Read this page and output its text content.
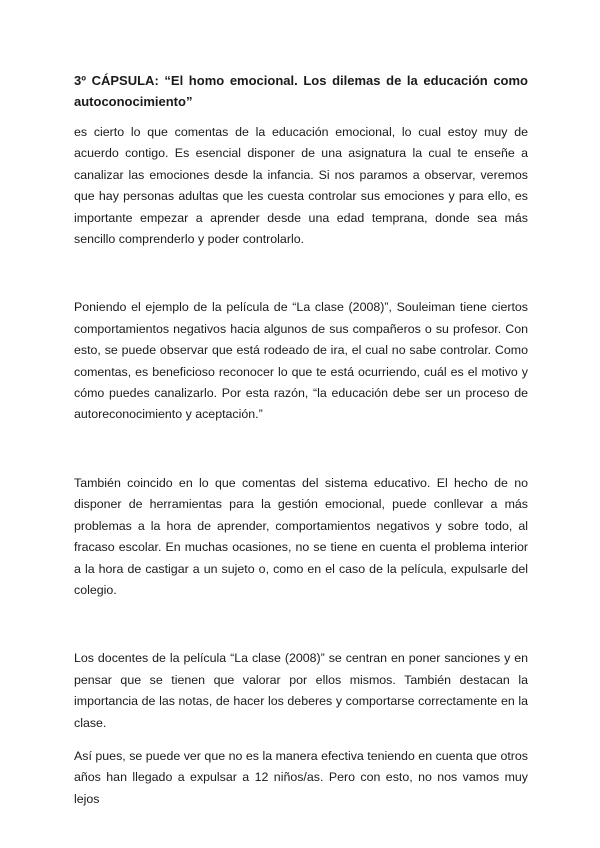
3º CÁPSULA: “El homo emocional. Los dilemas de la educación como autoconocimiento”

es cierto lo que comentas de la educación emocional, lo cual estoy muy de acuerdo contigo. Es esencial disponer de una asignatura la cual te enseñe a canalizar las emociones desde la infancia. Si nos paramos a observar, veremos que hay personas adultas que les cuesta controlar sus emociones y para ello, es importante empezar a aprender desde una edad temprana, donde sea más sencillo comprenderlo y poder controlarlo.

Poniendo el ejemplo de la película de “La clase (2008)”, Souleiman tiene ciertos comportamientos negativos hacia algunos de sus compañeros o su profesor. Con esto, se puede observar que está rodeado de ira, el cual no sabe controlar. Como comentas, es beneficioso reconocer lo que te está ocurriendo, cuál es el motivo y cómo puedes canalizarlo. Por esta razón, “la educación debe ser un proceso de autoreconocimiento y aceptación.”

También coincido en lo que comentas del sistema educativo. El hecho de no disponer de herramientas para la gestión emocional, puede conllevar a más problemas a la hora de aprender, comportamientos negativos y sobre todo, al fracaso escolar. En muchas ocasiones, no se tiene en cuenta el problema interior a la hora de castigar a un sujeto o, como en el caso de la película, expulsarle del colegio.

Los docentes de la película “La clase (2008)” se centran en poner sanciones y en pensar que se tienen que valorar por ellos mismos. También destacan la importancia de las notas, de hacer los deberes y comportarse correctamente en la clase.

Así pues, se puede ver que no es la manera efectiva teniendo en cuenta que otros años han llegado a expulsar a 12 niños/as. Pero con esto, no nos vamos muy lejos
